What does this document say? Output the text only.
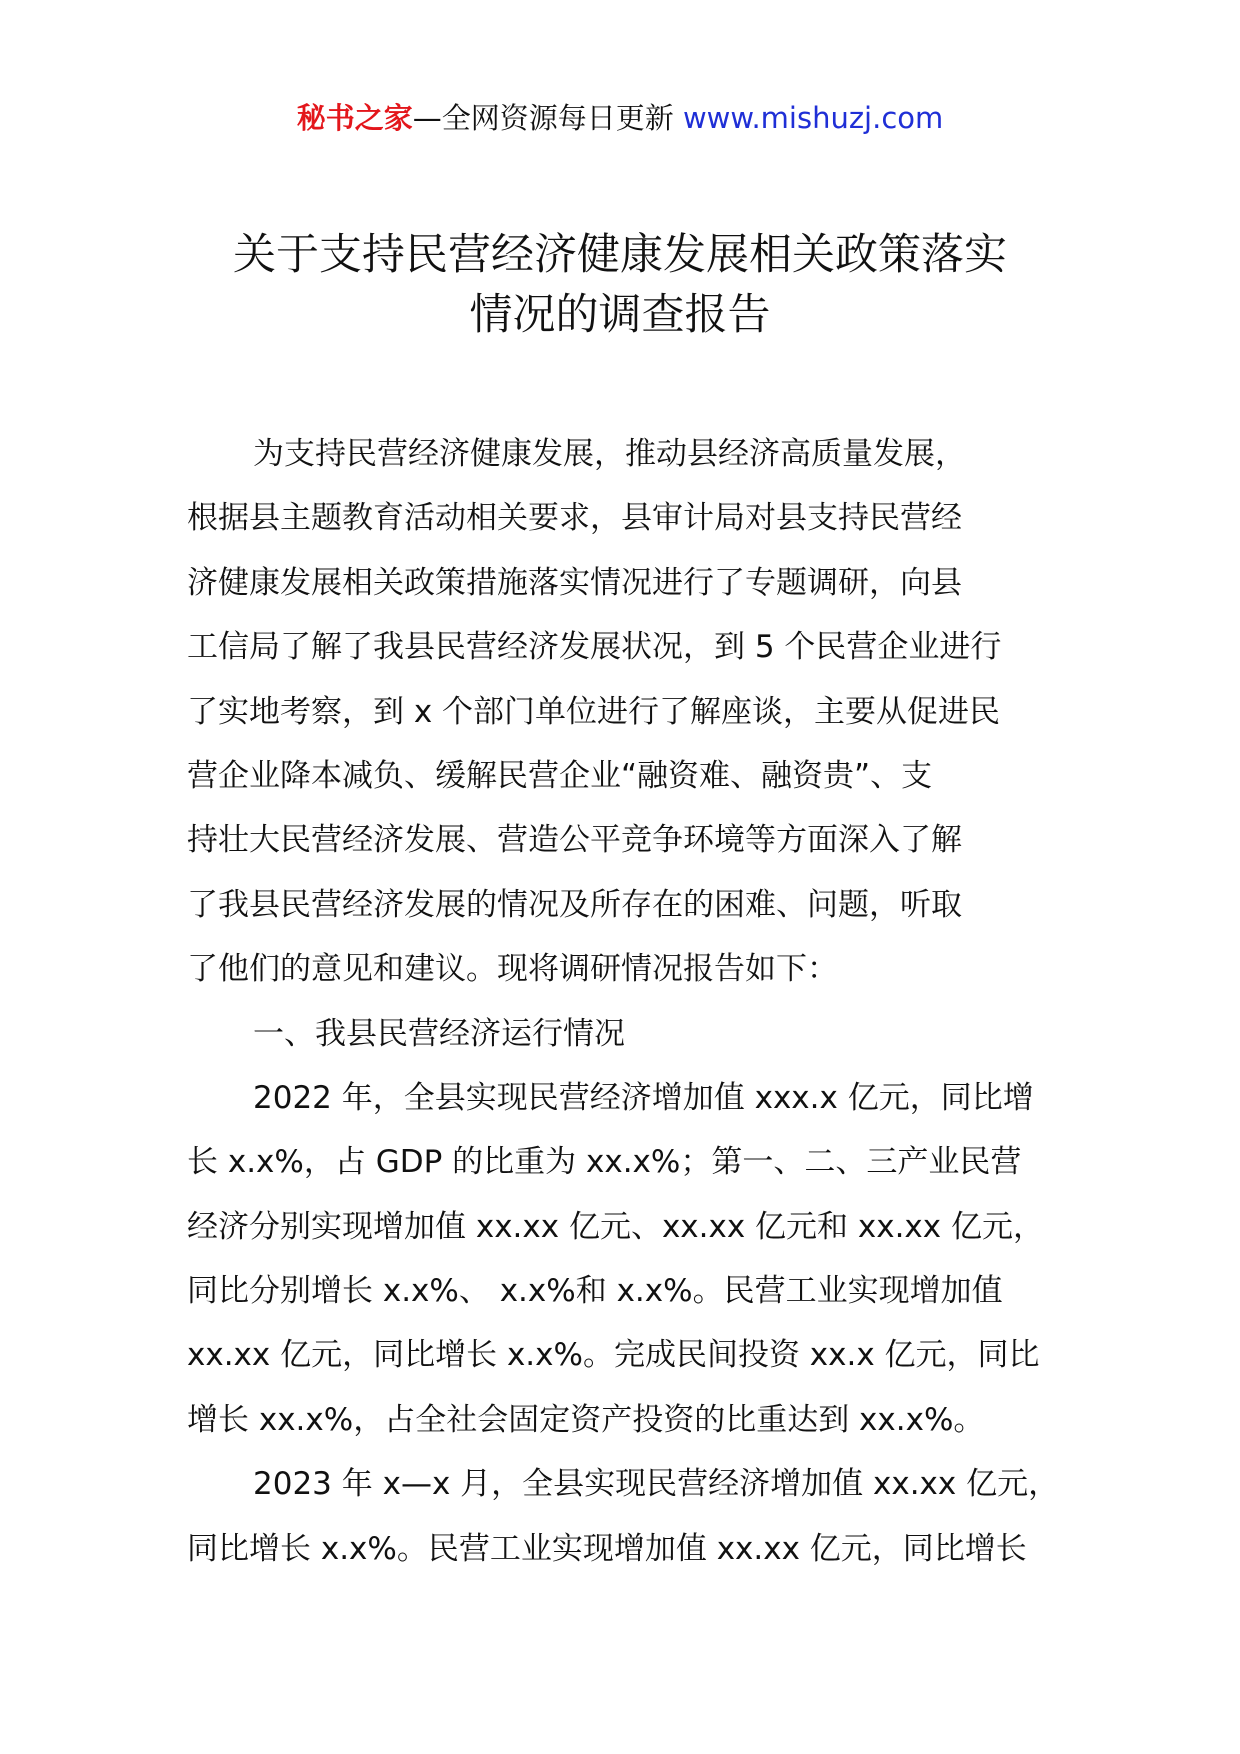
秘书之家—全网资源每日更新 www.mishuzj.com
关于支持民营经济健康发展相关政策落实
情况的调查报告
为支持民营经济健康发展，推动县经济高质量发展，
根据县主题教育活动相关要求，县审计局对县支持民营经
济健康发展相关政策措施落实情况进行了专题调研，向县
工信局了解了我县民营经济发展状况，到 5 个民营企业进行
了实地考察，到 x 个部门单位进行了解座谈，主要从促进民
营企业降本减负、缓解民营企业“融资难、融资贵”、支
持壮大民营经济发展、营造公平竞争环境等方面深入了解
了我县民营经济发展的情况及所存在的困难、问题，听取
了他们的意见和建议。现将调研情况报告如下：
一、我县民营经济运行情况
2022 年，全县实现民营经济增加值 xxx.x 亿元，同比增
长 x.x%，占 GDP 的比重为 xx.x%；第一、二、三产业民营
经济分别实现增加值 xx.xx 亿元、xx.xx 亿元和 xx.xx 亿元，
同比分别增长 x.x%、 x.x%和 x.x%。民营工业实现增加值
xx.xx 亿元，同比增长 x.x%。完成民间投资 xx.x 亿元，同比
增长 xx.x%，占全社会固定资产投资的比重达到 xx.x%。
2023 年 x—x 月，全县实现民营经济增加值 xx.xx 亿元，
同比增长 x.x%。民营工业实现增加值 xx.xx 亿元，同比增长
